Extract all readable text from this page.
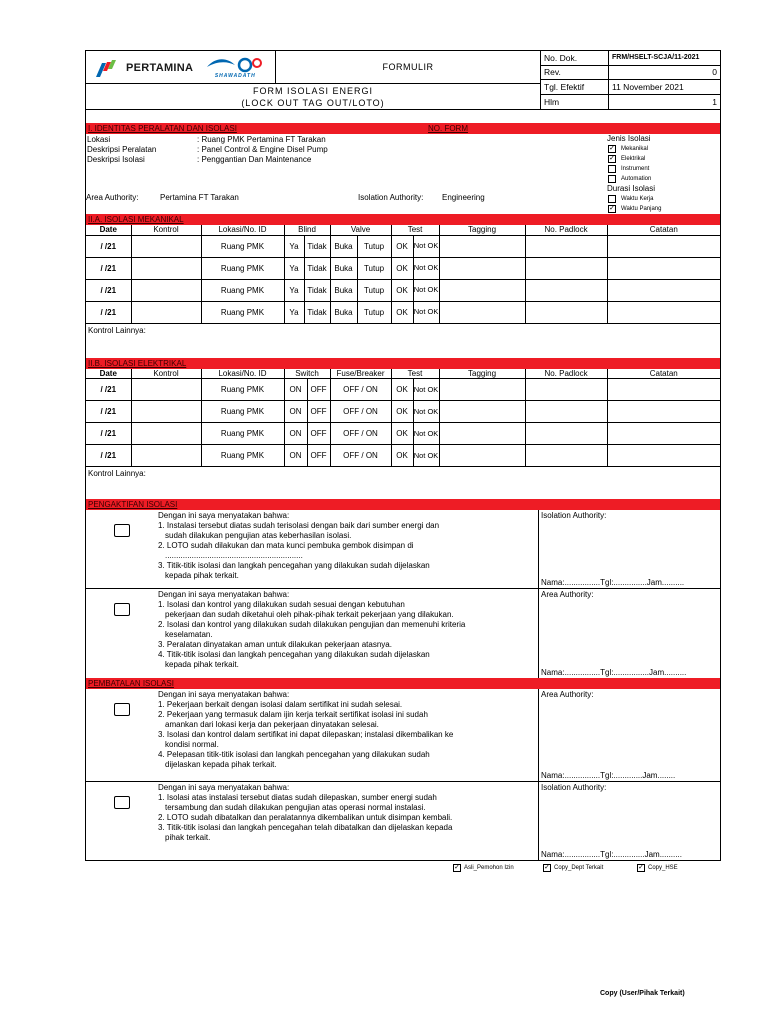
PERTAMINA
SHAWADATH
FORMULIR
FORM ISOLASI ENERGI
(LOCK OUT TAG OUT/LOTO)
No. Dok.	FRM/HSELT-SCJA/11-2021
Rev.	0
Tgl. Efektif	11 November 2021
Hlm	1
I. IDENTITAS PERALATAN DAN ISOLASI	NO. FORM
Lokasi	: Ruang PMK Pertamina FT Tarakan
Deskripsi Peralatan	: Panel Control & Engine Disel Pump
Deskripsi Isolasi	: Penggantian Dan Maintenance
Area Authority:	Pertamina FT Tarakan	Isolation Authority:	Engineering
Jenis Isolasi
✓ Mekanikal
✓ Elektrikal
Instrument
Automation
Durasi Isolasi
Waktu Kerja
✓ Waktu Panjang
II.A. ISOLASI MEKANIKAL
Date	Kontrol	Lokasi/No. ID	Blind		Valve		Test		Tagging	No. Padlock	Catatan
/ /21		Ruang PMK	Ya	Tidak	Buka	Tutup	OK	Not OK			
/ /21		Ruang PMK	Ya	Tidak	Buka	Tutup	OK	Not OK			
/ /21		Ruang PMK	Ya	Tidak	Buka	Tutup	OK	Not OK			
/ /21		Ruang PMK	Ya	Tidak	Buka	Tutup	OK	Not OK			
Kontrol Lainnya:
II.B. ISOLASI ELEKTRIKAL
Date	Kontrol	Lokasi/No. ID	Switch		Fuse/Breaker	Test		Tagging	No. Padlock	Catatan
/ /21		Ruang PMK	ON	OFF	OFF / ON	OK	Not OK			
/ /21		Ruang PMK	ON	OFF	OFF / ON	OK	Not OK			
/ /21		Ruang PMK	ON	OFF	OFF / ON	OK	Not OK			
/ /21		Ruang PMK	ON	OFF	OFF / ON	OK	Not OK			
Kontrol Lainnya:
PENGAKTIFAN ISOLASI
Dengan ini saya menyatakan bahwa:
1. Instalasi tersebut diatas sudah terisolasi dengan baik dari sumber energi dan
sudah dilakukan pengujian atas keberhasilan isolasi.
2. LOTO sudah dilakukan dan mata kunci pembuka gembok disimpan di
..............................................................
3. Titik-titik isolasi dan langkah pencegahan yang dilakukan sudah dijelaskan
kepada pihak terkait.
Isolation Authority:
Nama:................Tgl:...............Jam..........
Dengan ini saya menyatakan bahwa:
1. Isolasi dan kontrol yang dilakukan sudah sesuai dengan kebutuhan
pekerjaan dan sudah diketahui oleh pihak-pihak terkait pekerjaan yang dilakukan.
2. Isolasi dan kontrol yang dilakukan sudah dilakukan pengujian dan memenuhi kriteria
keselamatan.
3. Peralatan dinyatakan aman untuk dilakukan pekerjaan atasnya.
4. Titik-titik isolasi dan langkah pencegahan yang dilakukan sudah dijelaskan
kepada pihak terkait.
Area Authority:
Nama:................Tgl:................Jam..........
PEMBATALAN ISOLASI
Dengan ini saya menyatakan bahwa:
1. Pekerjaan berkait dengan isolasi dalam sertifikat ini sudah selesai.
2. Pekerjaan yang termasuk dalam ijin kerja terkait sertifikat isolasi ini sudah
amankan dari lokasi kerja dan pekerjaan dinyatakan selesai.
3. Isolasi dan kontrol dalam sertifikat ini dapat dilepaskan; instalasi dikembalikan ke
kondisi normal.
4. Pelepasan titik-titik isolasi dan langkah pencegahan yang dilakukan sudah
dijelaskan kepada pihak terkait.
Area Authority:
Nama:................Tgl:.............Jam........
Dengan ini saya menyatakan bahwa:
1. Isolasi atas instalasi tersebut diatas sudah dilepaskan, sumber energi sudah
tersambung dan sudah dilakukan pengujian atas operasi normal instalasi.
2. LOTO sudah dibatalkan dan peralatannya dikembalikan untuk disimpan kembali.
3. Titik-titik isolasi dan langkah pencegahan telah dibatalkan dan dijelaskan kepada
pihak terkait.
Isolation Authority:
Nama:................Tgl:..............Jam..........
✓ Asli_Pemohon Izin	✓ Copy_Dept Terkait	✓ Copy_HSE
Copy (User/Pihak Terkait)
